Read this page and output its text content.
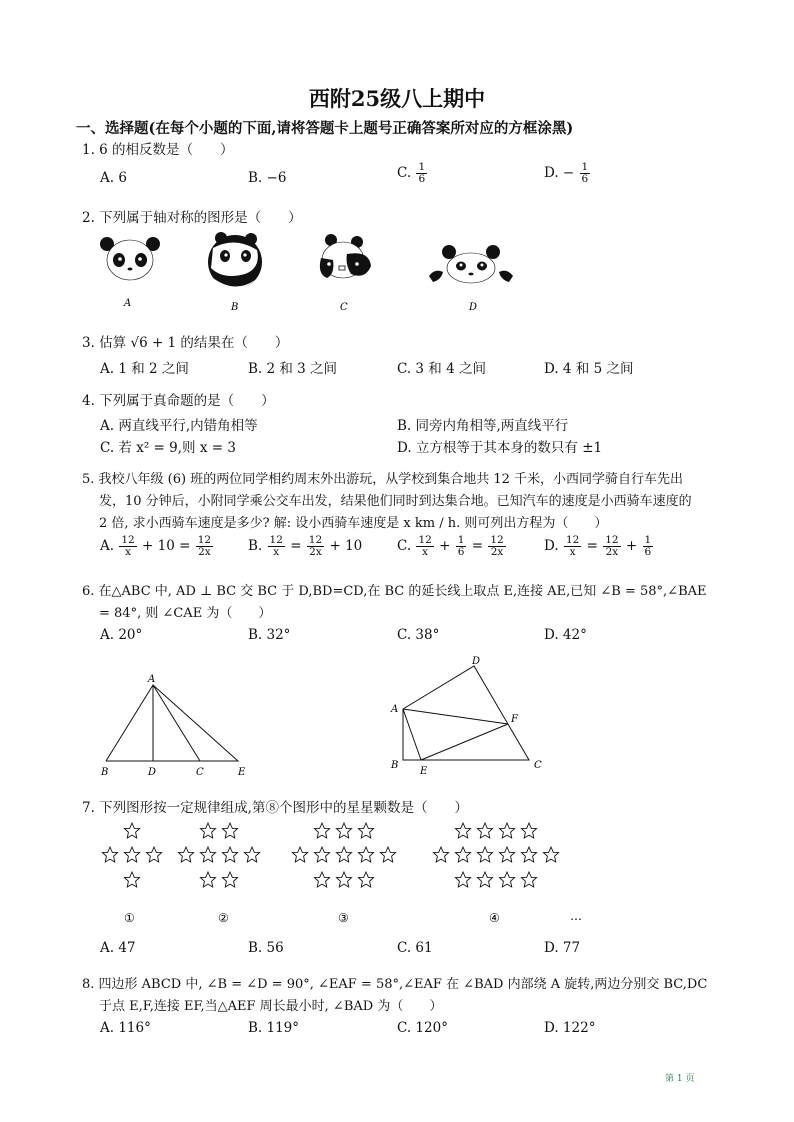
西附25级八上期中
一、选择题(在每个小题的下面,请将答题卡上题号正确答案所对应的方框涂黑)
1. 6 的相反数是（　　）
A. 6	B. −6	C. $\frac{1}{6}$	D. − $\frac{1}{6}$
2. 下列属于轴对称的图形是（　　）
A	B	C	D
3. 估算 √6 + 1 的结果在（　　）
A. 1 和 2 之间	B. 2 和 3 之间	C. 3 和 4 之间	D. 4 和 5 之间
4. 下列属于真命题的是（　　）
A. 两直线平行,内错角相等	B. 同旁内角相等,两直线平行
C. 若 x² = 9,则 x = 3	D. 立方根等于其本身的数只有 ±1
5. 我校八年级 (6) 班的两位同学相约周末外出游玩，从学校到集合地共 12 千米，小西同学骑自行车先出
发，10 分钟后，小附同学乘公交车出发，结果他们同时到达集合地。已知汽车的速度是小西骑车速度的
2 倍, 求小西骑车速度是多少? 解: 设小西骑车速度是 x km / h. 则可列出方程为（　　）
A. $\frac{12}{x} + 10 = \frac{12}{2x}$	B. $\frac{12}{x} = \frac{12}{2x} + 10$	C. $\frac{12}{x} + \frac{1}{6} = \frac{12}{2x}$	D. $\frac{12}{x} = \frac{12}{2x} + \frac{1}{6}$
6. 在△ABC 中, AD ⊥ BC 交 BC 于 D,BD=CD,在 BC 的延长线上取点 E,连接 AE,已知 ∠B = 58°,∠BAE
= 84°, 则 ∠CAE 为（　　）
A. 20°	B. 32°	C. 38°	D. 42°
A
B	D	C	E
D
A
F
B
E
C
7. 下列图形按一定规律组成,第⑧个图形中的星星颗数是（　　）
①	②	③	④	…
A. 47	B. 56	C. 61	D. 77
8. 四边形 ABCD 中, ∠B = ∠D = 90°, ∠EAF = 58°,∠EAF 在 ∠BAD 内部绕 A 旋转,两边分别交 BC,DC
于点 E,F,连接 EF,当△AEF 周长最小时, ∠BAD 为（　　）
A. 116°	B. 119°	C. 120°	D. 122°
第 1 页
